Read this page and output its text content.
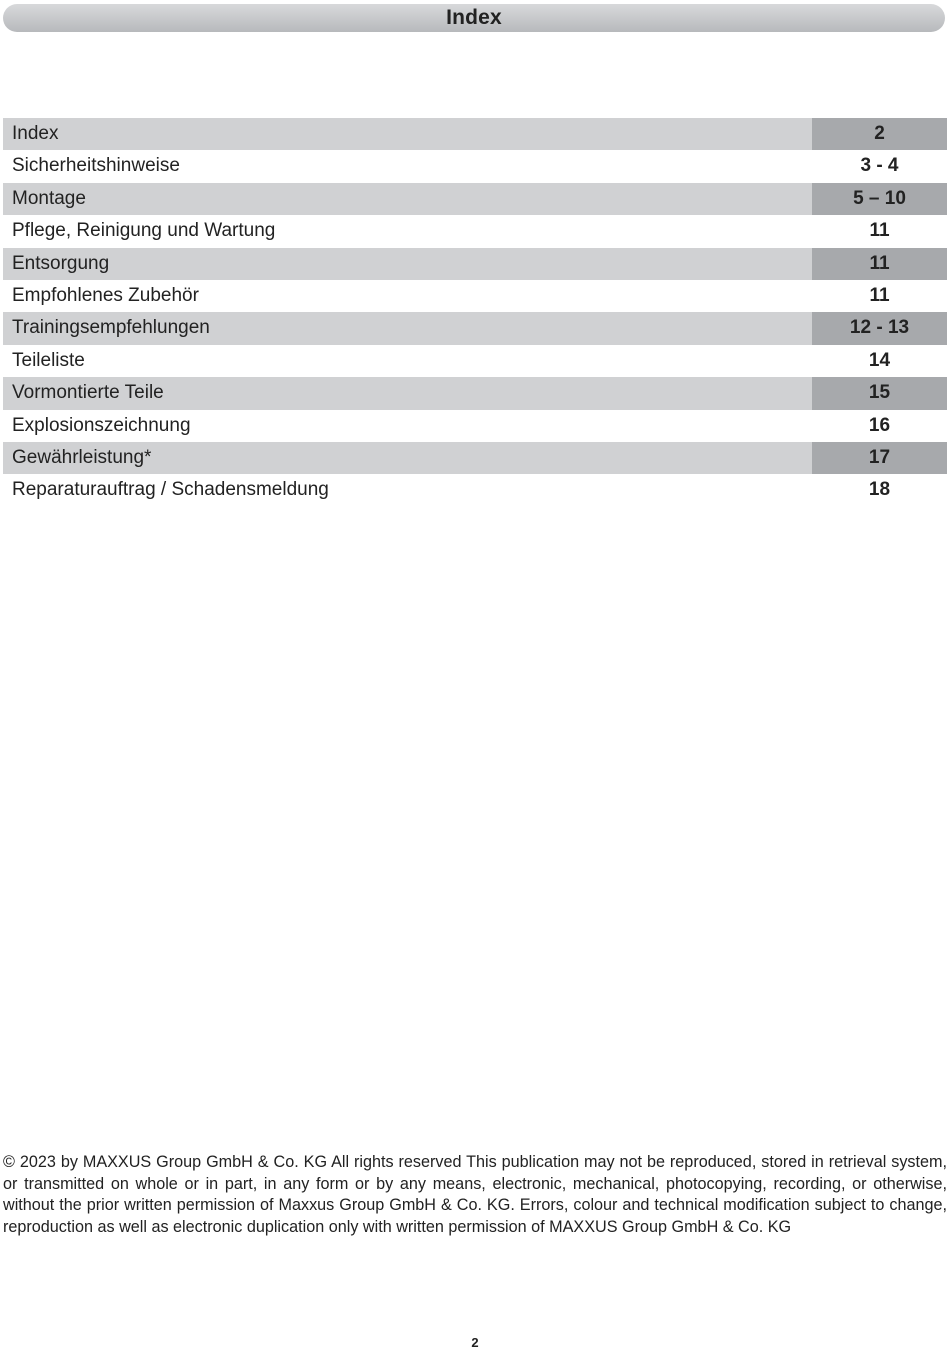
Index
Index	2
Sicherheitshinweise	3 - 4
Montage	5 – 10
Pflege, Reinigung und Wartung	11
Entsorgung	11
Empfohlenes Zubehör	11
Trainingsempfehlungen	12 - 13
Teileliste	14
Vormontierte Teile	15
Explosionszeichnung	16
Gewährleistung*	17
Reparaturauftrag / Schadensmeldung	18

© 2023 by MAXXUS Group GmbH & Co. KG All rights reserved This publication may not be reproduced, stored in retrieval system, or transmitted on whole or in part, in any form or by any means, electronic, mechanical, photocopying, recording, or otherwise, without the prior written permission of Maxxus Group GmbH & Co. KG. Errors, colour and technical modification subject to change, reproduction as well as electronic duplication only with written permission of MAXXUS Group GmbH & Co. KG

2
